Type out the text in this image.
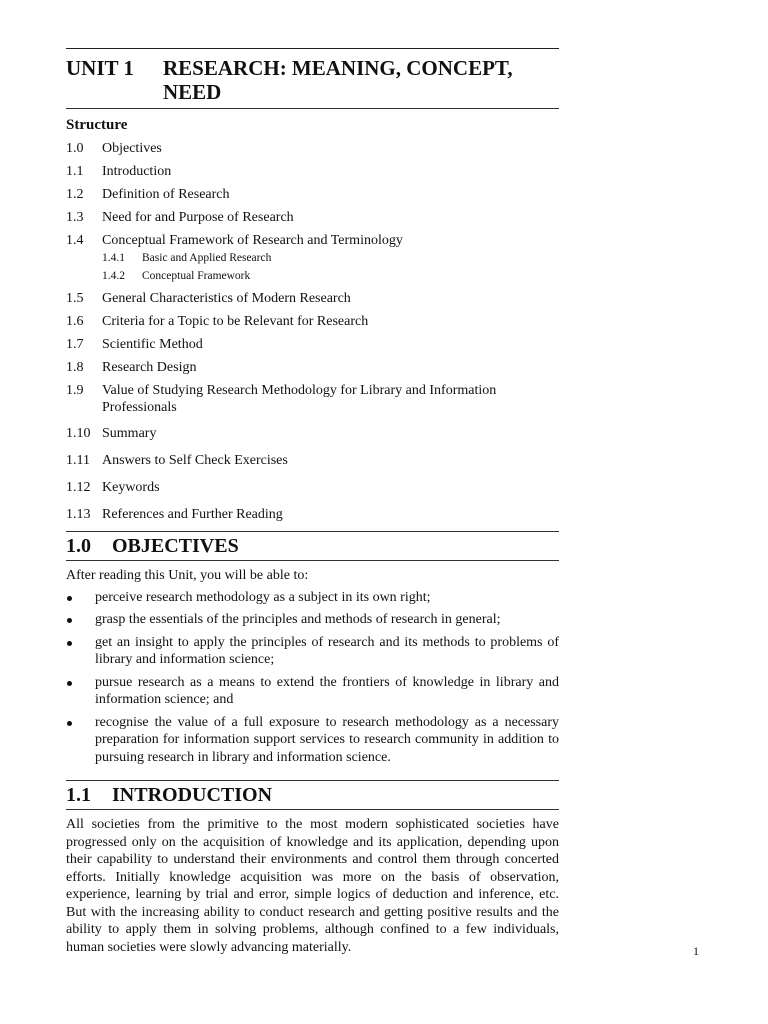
UNIT 1	RESEARCH: MEANING, CONCEPT, NEED
Structure
1.0	Objectives
1.1	Introduction
1.2	Definition of Research
1.3	Need for and Purpose of Research
1.4	Conceptual Framework of Research and Terminology
1.4.1	Basic and Applied Research
1.4.2	Conceptual Framework
1.5	General Characteristics of Modern Research
1.6	Criteria for a Topic to be Relevant for Research
1.7	Scientific Method
1.8	Research Design
1.9	Value of Studying Research Methodology for Library and Information Professionals
1.10 Summary
1.11 Answers to Self Check Exercises
1.12 Keywords
1.13 References and Further Reading
1.0	OBJECTIVES

After reading this Unit, you will be able to:

perceive research methodology as a subject in its own right;
grasp the essentials of the principles and methods of research in general;
get an insight to apply the principles of research and its methods to problems of library and information science;
pursue research as a means to extend the frontiers of knowledge in library and information science; and
recognise the value of a full exposure to research methodology as a necessary preparation for information support services to research community in addition to pursuing research in library and information science.
1.1	INTRODUCTION

All societies from the primitive to the most modern sophisticated societies have progressed only on the acquisition of knowledge and its application, depending upon their capability to understand their environments and control them through concerted efforts. Initially knowledge acquisition was more on the basis of observation, experience, learning by trial and error, simple logics of deduction and inference, etc. But with the increasing ability to conduct research and getting positive results and the ability to apply them in solving problems, although confined to a few individuals, human societies were slowly advancing materially.	1
